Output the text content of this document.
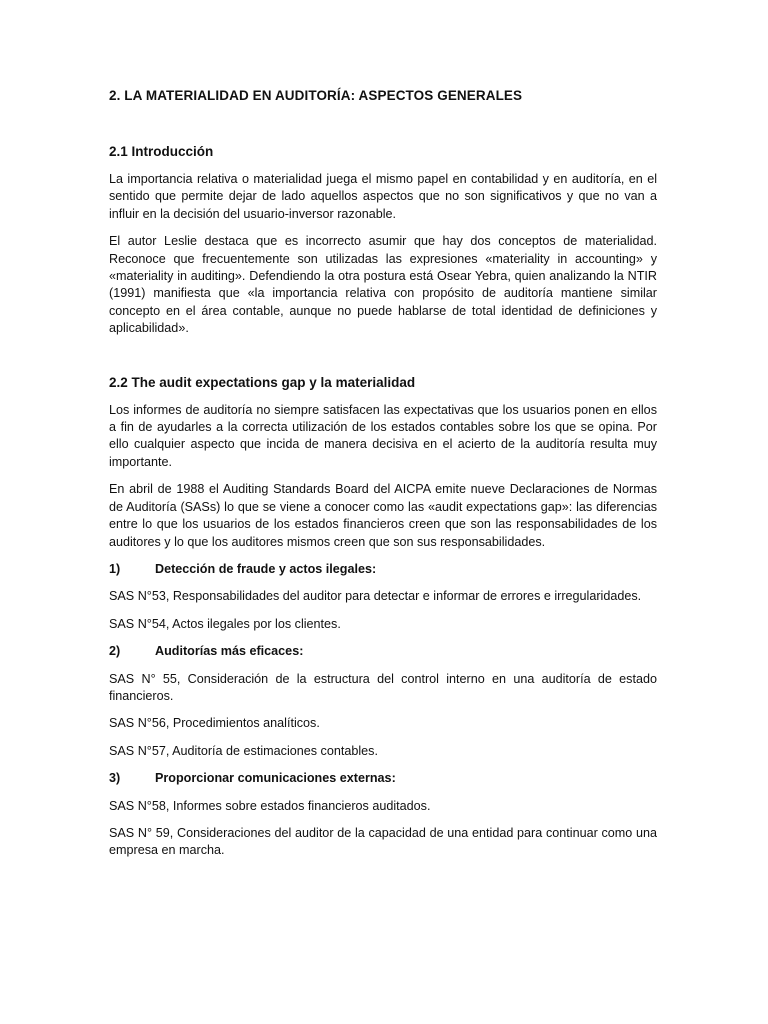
2. LA MATERIALIDAD EN AUDITORÍA: ASPECTOS GENERALES
2.1 Introducción

La importancia relativa o materialidad juega el mismo papel en contabilidad y en auditoría, en el sentido que permite dejar de lado aquellos aspectos que no son significativos y que no van a influir en la decisión del usuario-inversor razonable.

El autor Leslie destaca que es incorrecto asumir que hay dos conceptos de materialidad. Reconoce que frecuentemente son utilizadas las expresiones «materiality in accounting» y «materiality in auditing». Defendiendo la otra postura está Osear Yebra, quien analizando la NTIR (1991) manifiesta que «la importancia relativa con propósito de auditoría mantiene similar concepto en el área contable, aunque no puede hablarse de total identidad de definiciones y aplicabilidad».

2.2 The audit expectations gap y la materialidad

Los informes de auditoría no siempre satisfacen las expectativas que los usuarios ponen en ellos a fin de ayudarles a la correcta utilización de los estados contables sobre los que se opina. Por ello cualquier aspecto que incida de manera decisiva en el acierto de la auditoría resulta muy importante.

En abril de 1988 el Auditing Standards Board del AICPA emite nueve Declaraciones de Normas de Auditoría (SASs) lo que se viene a conocer como las «audit expectations gap»: las diferencias entre lo que los usuarios de los estados financieros creen que son las responsabilidades de los auditores y lo que los auditores mismos creen que son sus responsabilidades.

1)	Detección de fraude y actos ilegales:

SAS N°53, Responsabilidades del auditor para detectar e informar de errores e irregularidades.

SAS N°54, Actos ilegales por los clientes.

2)	Auditorías más eficaces:

SAS N° 55, Consideración de la estructura del control interno en una auditoría de estado financieros.

SAS N°56, Procedimientos analíticos.

SAS N°57, Auditoría de estimaciones contables.

3)	Proporcionar comunicaciones externas:

SAS N°58, Informes sobre estados financieros auditados.

SAS N° 59, Consideraciones del auditor de la capacidad de una entidad para continuar como una empresa en marcha.
